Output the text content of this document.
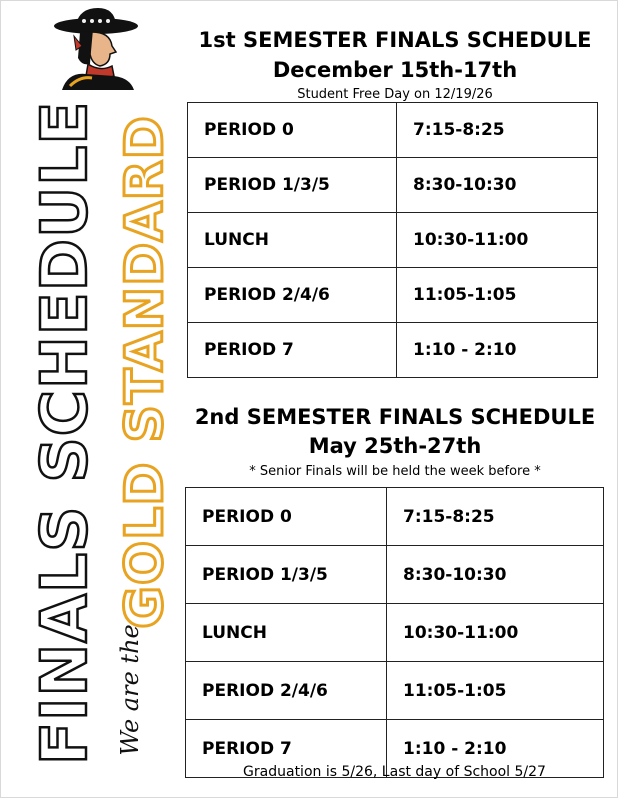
FINALS SCHEDULE GOLD STANDARD
We are the
1st SEMESTER FINALS SCHEDULE
December 15th-17th
Student Free Day on 12/19/26
PERIOD 0	7:15-8:25
PERIOD 1/3/5	8:30-10:30
LUNCH	10:30-11:00
PERIOD 2/4/6	11:05-1:05
PERIOD 7	1:10 - 2:10
2nd SEMESTER FINALS SCHEDULE
May 25th-27th
* Senior Finals will be held the week before *
PERIOD 0	7:15-8:25
PERIOD 1/3/5	8:30-10:30
LUNCH	10:30-11:00
PERIOD 2/4/6	11:05-1:05
PERIOD 7	1:10 - 2:10
Graduation is 5/26, Last day of School 5/27
